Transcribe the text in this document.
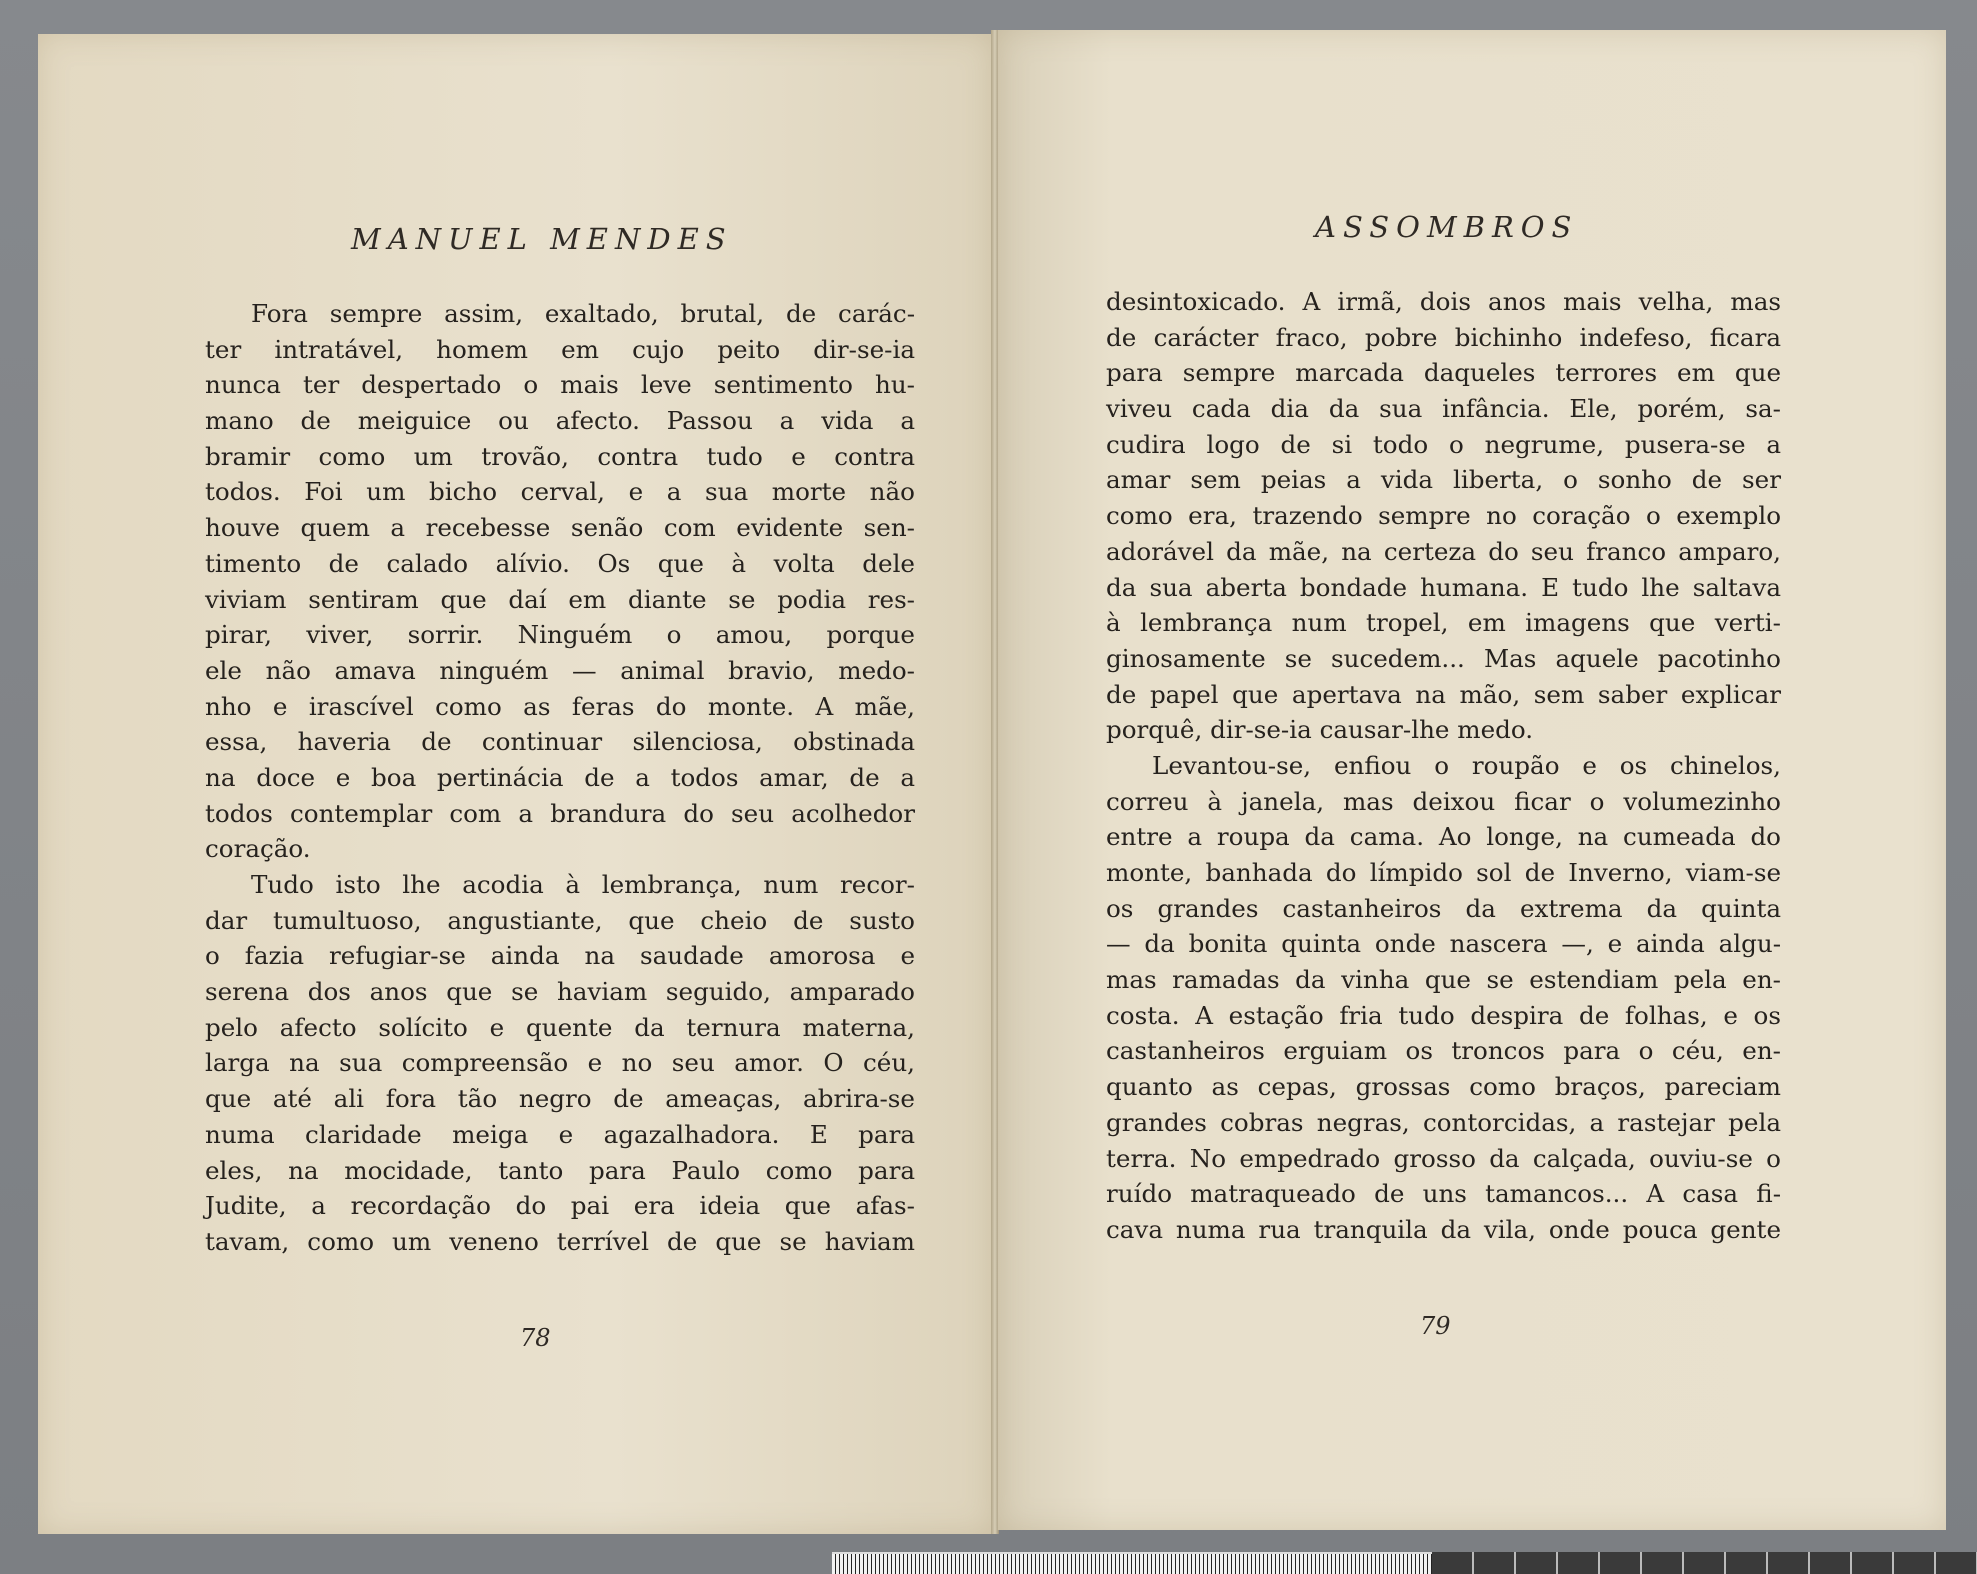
MANUEL MENDES
Fora sempre assim, exaltado, brutal, de carác-
ter intratável, homem em cujo peito dir-se-ia
nunca ter despertado o mais leve sentimento hu-
mano de meiguice ou afecto. Passou a vida a
bramir como um trovão, contra tudo e contra
todos. Foi um bicho cerval, e a sua morte não
houve quem a recebesse senão com evidente sen-
timento de calado alívio. Os que à volta dele
viviam sentiram que daí em diante se podia res-
pirar, viver, sorrir. Ninguém o amou, porque
ele não amava ninguém — animal bravio, medo-
nho e irascível como as feras do monte. A mãe,
essa, haveria de continuar silenciosa, obstinada
na doce e boa pertinácia de a todos amar, de a
todos contemplar com a brandura do seu acolhedor
coração.
Tudo isto lhe acodia à lembrança, num recor-
dar tumultuoso, angustiante, que cheio de susto
o fazia refugiar-se ainda na saudade amorosa e
serena dos anos que se haviam seguido, amparado
pelo afecto solícito e quente da ternura materna,
larga na sua compreensão e no seu amor. O céu,
que até ali fora tão negro de ameaças, abrira-se
numa claridade meiga e agazalhadora. E para
eles, na mocidade, tanto para Paulo como para
Judite, a recordação do pai era ideia que afas-
tavam, como um veneno terrível de que se haviam
78
ASSOMBROS
desintoxicado. A irmã, dois anos mais velha, mas
de carácter fraco, pobre bichinho indefeso, ficara
para sempre marcada daqueles terrores em que
viveu cada dia da sua infância. Ele, porém, sa-
cudira logo de si todo o negrume, pusera-se a
amar sem peias a vida liberta, o sonho de ser
como era, trazendo sempre no coração o exemplo
adorável da mãe, na certeza do seu franco amparo,
da sua aberta bondade humana. E tudo lhe saltava
à lembrança num tropel, em imagens que verti-
ginosamente se sucedem... Mas aquele pacotinho
de papel que apertava na mão, sem saber explicar
porquê, dir-se-ia causar-lhe medo.
Levantou-se, enfiou o roupão e os chinelos,
correu à janela, mas deixou ficar o volumezinho
entre a roupa da cama. Ao longe, na cumeada do
monte, banhada do límpido sol de Inverno, viam-se
os grandes castanheiros da extrema da quinta
— da bonita quinta onde nascera —, e ainda algu-
mas ramadas da vinha que se estendiam pela en-
costa. A estação fria tudo despira de folhas, e os
castanheiros erguiam os troncos para o céu, en-
quanto as cepas, grossas como braços, pareciam
grandes cobras negras, contorcidas, a rastejar pela
terra. No empedrado grosso da calçada, ouviu-se o
ruído matraqueado de uns tamancos... A casa fi-
cava numa rua tranquila da vila, onde pouca gente
79
